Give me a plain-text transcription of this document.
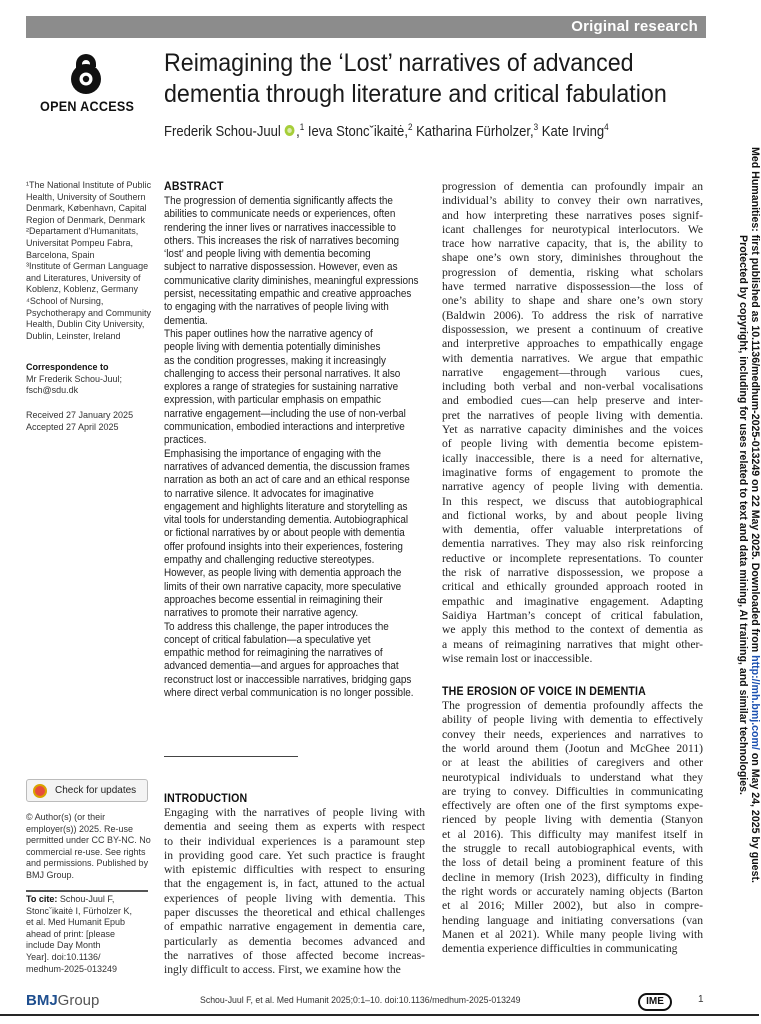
Original research
OPEN ACCESS
Reimagining the ‘Lost’ narratives of advanced
dementia through literature and critical fabulation
Frederik Schou-Juul ,$^1$ Ieva Stoncˇikaitė,$^2$ Katharina Fürholzer,$^3$ Kate Irving$^4$
¹The National Institute of Public
Health, University of Southern
Denmark, København, Capital
Region of Denmark, Denmark
²Departament d'Humanitats,
Universitat Pompeu Fabra,
Barcelona, Spain
³Institute of German Language
and Literatures, University of
Koblenz, Koblenz, Germany
⁴School of Nursing,
Psychotherapy and Community
Health, Dublin City University,
Dublin, Leinster, Ireland
Correspondence to
Mr Frederik Schou-Juul;
fsch@sdu.dk
Received 27 January 2025
Accepted 27 April 2025
Check for updates
© Author(s) (or their
employer(s)) 2025. Re-use
permitted under CC BY-NC. No
commercial re-use. See rights
and permissions. Published by
BMJ Group.
To cite: Schou-Juul F,
Stoncˇikaitė I, Fürholzer K,
et al. Med Humanit Epub
ahead of print: [please
include Day Month
Year]. doi:10.1136/
medhum-2025-013249
ABSTRACT
The progression of dementia significantly affects the
abilities to communicate needs or experiences, often
rendering the inner lives or narratives inaccessible to
others. This increases the risk of narratives becoming
‘lost’ and people living with dementia becoming
subject to narrative dispossession. However, even as
communicative clarity diminishes, meaningful expressions
persist, necessitating empathic and creative approaches
to engaging with the narratives of people living with
dementia.
This paper outlines how the narrative agency of
people living with dementia potentially diminishes
as the condition progresses, making it increasingly
challenging to access their personal narratives. It also
explores a range of strategies for sustaining narrative
expression, with particular emphasis on empathic
narrative engagement—including the use of non-verbal
communication, embodied interactions and interpretive
practices.
Emphasising the importance of engaging with the
narratives of advanced dementia, the discussion frames
narration as both an act of care and an ethical response
to narrative silence. It advocates for imaginative
engagement and highlights literature and storytelling as
vital tools for understanding dementia. Autobiographical
or fictional narratives by or about people with dementia
offer profound insights into their experiences, fostering
empathy and challenging reductive stereotypes.
However, as people living with dementia approach the
limits of their own narrative capacity, more speculative
approaches become essential in reimagining their
narratives to promote their narrative agency.
To address this challenge, the paper introduces the
concept of critical fabulation—a speculative yet
empathic method for reimagining the narratives of
advanced dementia—and argues for approaches that
reconstruct lost or inaccessible narratives, bridging gaps
where direct verbal communication is no longer possible.
INTRODUCTION
Engaging with the narratives of people living with
dementia and seeing them as experts with respect
to their individual experiences is a paramount step
in providing good care. Yet such practice is fraught
with epistemic difficulties with respect to ensuring
that the engagement is, in fact, attuned to the actual
experiences of people living with dementia. This
paper discusses the theoretical and ethical challenges
of empathic narrative engagement in dementia care,
particularly as dementia becomes advanced and
the narratives of those affected become increas-
ingly difficult to access. First, we examine how the
progression of dementia can profoundly impair an
individual’s ability to convey their own narratives,
and how interpreting these narratives poses signif-
icant challenges for neurotypical interlocutors. We
trace how narrative capacity, that is, the ability to
shape one’s own story, diminishes throughout the
progression of dementia, risking what scholars
have termed narrative dispossession—the loss of
one’s ability to shape and share one’s own story
(Baldwin 2006). To address the risk of narrative
dispossession, we present a continuum of creative
and interpretive approaches to empathically engage
with dementia narratives. We argue that empathic
narrative engagement—through various cues,
including both verbal and non-verbal vocalisations
and embodied cues—can help preserve and inter-
pret the narratives of people living with dementia.
Yet as narrative capacity diminishes and the voices
of people living with dementia become epistem-
ically inaccessible, there is a need for alternative,
imaginative forms of engagement to promote the
narrative agency of people living with dementia.
In this respect, we discuss that autobiographical
and fictional works, by and about people living
with dementia, offer valuable interpretations of
dementia narratives. They may also risk reinforcing
reductive or incomplete representations. To counter
the risk of narrative dispossession, we propose a
critical and ethically grounded approach rooted in
empathic and imaginative engagement. Adapting
Saidiya Hartman’s concept of critical fabulation,
we apply this method to the context of dementia as
a means of reimagining narratives that might other-
wise remain lost or inaccessible.
THE EROSION OF VOICE IN DEMENTIA
The progression of dementia profoundly affects the
ability of people living with dementia to effectively
convey their needs, experiences and narratives to
the world around them (Jootun and McGhee 2011)
or at least the abilities of caregivers and other
neurotypical individuals to understand what they
are trying to convey. Difficulties in communicating
effectively are often one of the first symptoms expe-
rienced by people living with dementia (Stanyon
et al 2016). This difficulty may manifest itself in
the struggle to recall autobiographical events, with
the loss of detail being a prominent feature of this
decline in memory (Irish 2023), difficulty in finding
the right words or accurately naming objects (Barton
et al 2016; Miller 2002), but also in compre-
hending language and initiating conversations (van
Manen et al 2021). While many people living with
dementia experience difficulties in communicating
Med Humanities: first published as 10.1136/medhum-2025-013249 on 22 May 2025. Downloaded from http://mh.bmj.com/ on May 24, 2025 by guest.
Protected by copyright, including for uses related to text and data mining, AI training, and similar technologies.
BMJGroup	Schou-Juul F, et al. Med Humanit 2025;0:1–10. doi:10.1136/medhum-2025-013249	IME	1
